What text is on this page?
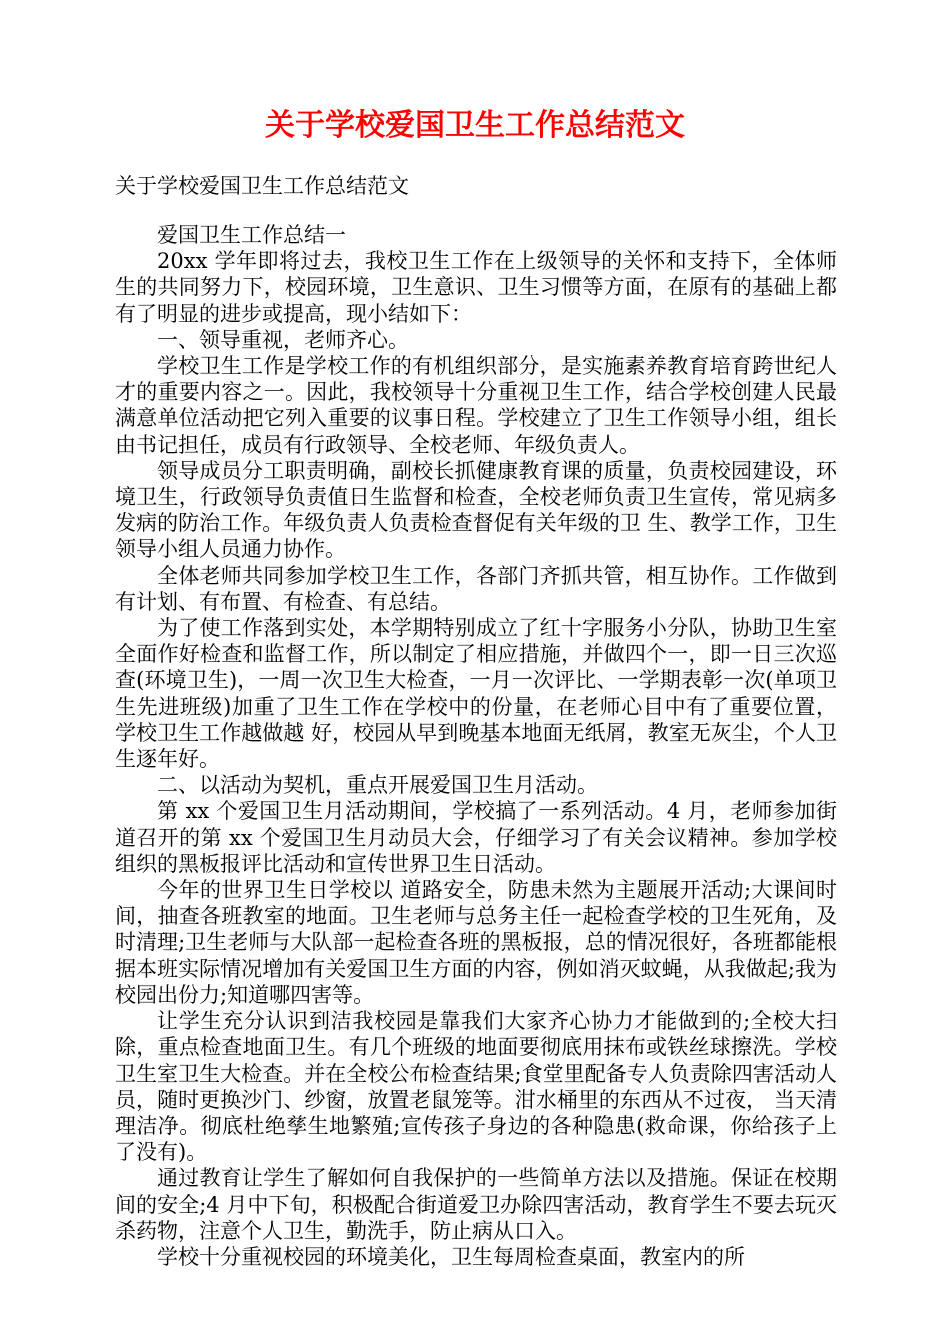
关于学校爱国卫生工作总结范文
关于学校爱国卫生工作总结范文

爱国卫生工作总结一

20xx 学年即将过去，我校卫生工作在上级领导的关怀和支持下，全体师生的共同努力下，校园环境，卫生意识、卫生习惯等方面，在原有的基础上都有了明显的进步或提高，现小结如下：

一、领导重视，老师齐心。

学校卫生工作是学校工作的有机组织部分，是实施素养教育培育跨世纪人才的重要内容之一。因此，我校领导十分重视卫生工作，结合学校创建人民最满意单位活动把它列入重要的议事日程。学校建立了卫生工作领导小组，组长由书记担任，成员有行政领导、全校老师、年级负责人。

领导成员分工职责明确，副校长抓健康教育课的质量，负责校园建设，环境卫生，行政领导负责值日生监督和检查，全校老师负责卫生宣传，常见病多发病的防治工作。年级负责人负责检查督促有关年级的卫 生、教学工作，卫生领导小组人员通力协作。

全体老师共同参加学校卫生工作，各部门齐抓共管，相互协作。工作做到有计划、有布置、有检查、有总结。

为了使工作落到实处，本学期特别成立了红十字服务小分队，协助卫生室全面作好检查和监督工作，所以制定了相应措施，并做四个一，即一日三次巡查(环境卫生)，一周一次卫生大检查，一月一次评比、一学期表彰一次(单项卫生先进班级)加重了卫生工作在学校中的份量，在老师心目中有了重要位置，学校卫生工作越做越 好，校园从早到晚基本地面无纸屑，教室无灰尘，个人卫生逐年好。

二、以活动为契机，重点开展爱国卫生月活动。

第 xx 个爱国卫生月活动期间，学校搞了一系列活动。4 月，老师参加街道召开的第 xx 个爱国卫生月动员大会，仔细学习了有关会议精神。参加学校组织的黑板报评比活动和宣传世界卫生日活动。

今年的世界卫生日学校以 道路安全，防患未然为主题展开活动;大课间时间，抽查各班教室的地面。卫生老师与总务主任一起检查学校的卫生死角，及时清理;卫生老师与大队部一起检查各班的黑板报，总的情况很好，各班都能根据本班实际情况增加有关爱国卫生方面的内容，例如消灭蚊蝇，从我做起;我为校园出份力;知道哪四害等。

让学生充分认识到洁我校园是靠我们大家齐心协力才能做到的;全校大扫除，重点检查地面卫生。有几个班级的地面要彻底用抹布或铁丝球擦洗。学校卫生室卫生大检查。并在全校公布检查结果;食堂里配备专人负责除四害活动人员，随时更换沙门、纱窗，放置老鼠笼等。泔水桶里的东西从不过夜， 当天清理洁净。彻底杜绝孳生地繁殖;宣传孩子身边的各种隐患(救命课，你给孩子上了没有)。

通过教育让学生了解如何自我保护的一些简单方法以及措施。保证在校期间的安全;4 月中下旬，积极配合街道爱卫办除四害活动，教育学生不要去玩灭杀药物，注意个人卫生，勤洗手，防止病从口入。

学校十分重视校园的环境美化，卫生每周检查桌面，教室内的所
